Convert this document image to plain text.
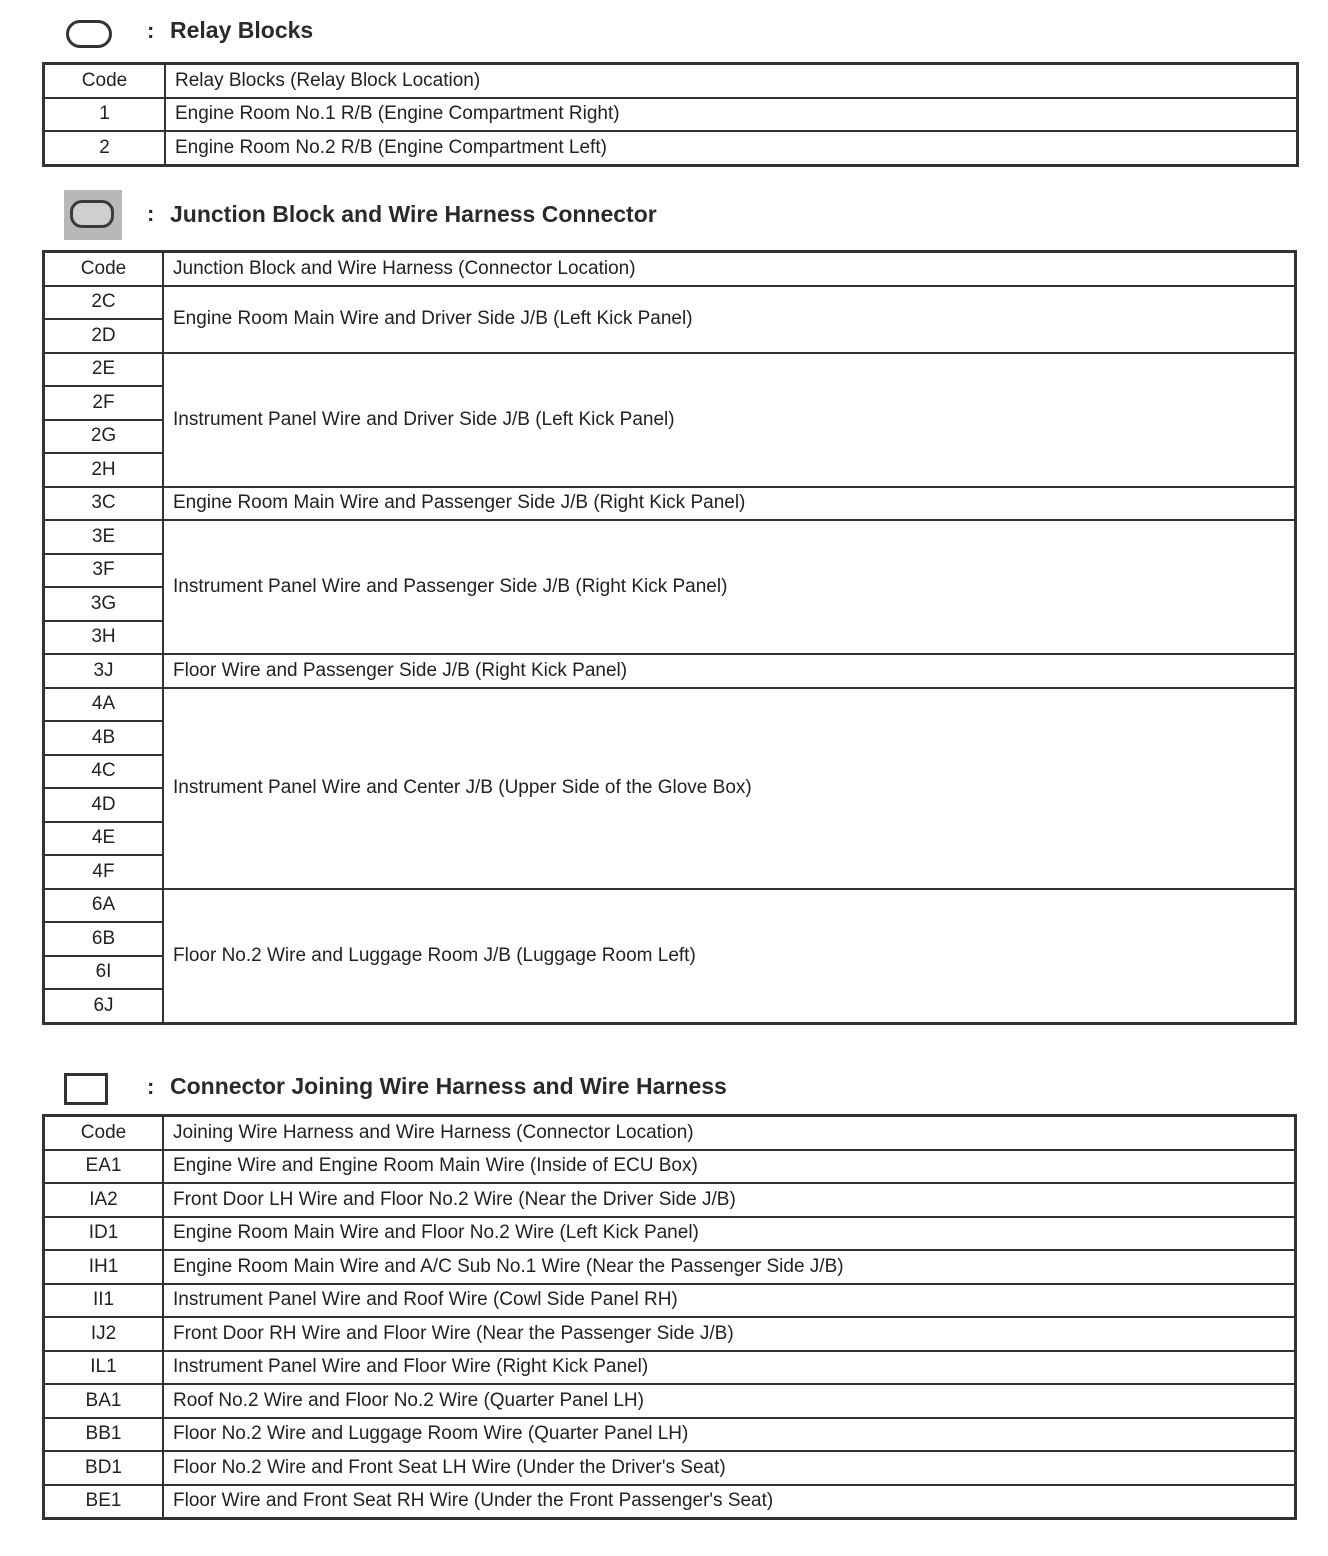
: Relay Blocks
Code	Relay Blocks (Relay Block Location)
1	Engine Room No.1 R/B (Engine Compartment Right)
2	Engine Room No.2 R/B (Engine Compartment Left)
: Junction Block and Wire Harness Connector
Code	Junction Block and Wire Harness (Connector Location)
2C	Engine Room Main Wire and Driver Side J/B (Left Kick Panel)
2D	
2E	Instrument Panel Wire and Driver Side J/B (Left Kick Panel)
2F	
2G	
2H	
3C	Engine Room Main Wire and Passenger Side J/B (Right Kick Panel)
3E	Instrument Panel Wire and Passenger Side J/B (Right Kick Panel)
3F	
3G	
3H	
3J	Floor Wire and Passenger Side J/B (Right Kick Panel)
4A	Instrument Panel Wire and Center J/B (Upper Side of the Glove Box)
4B	
4C	
4D	
4E	
4F	
6A	Floor No.2 Wire and Luggage Room J/B (Luggage Room Left)
6B	
6I	
6J	
: Connector Joining Wire Harness and Wire Harness
Code	Joining Wire Harness and Wire Harness (Connector Location)
EA1	Engine Wire and Engine Room Main Wire (Inside of ECU Box)
IA2	Front Door LH Wire and Floor No.2 Wire (Near the Driver Side J/B)
ID1	Engine Room Main Wire and Floor No.2 Wire (Left Kick Panel)
IH1	Engine Room Main Wire and A/C Sub No.1 Wire (Near the Passenger Side J/B)
II1	Instrument Panel Wire and Roof Wire (Cowl Side Panel RH)
IJ2	Front Door RH Wire and Floor Wire (Near the Passenger Side J/B)
IL1	Instrument Panel Wire and Floor Wire (Right Kick Panel)
BA1	Roof No.2 Wire and Floor No.2 Wire (Quarter Panel LH)
BB1	Floor No.2 Wire and Luggage Room Wire (Quarter Panel LH)
BD1	Floor No.2 Wire and Front Seat LH Wire (Under the Driver's Seat)
BE1	Floor Wire and Front Seat RH Wire (Under the Front Passenger's Seat)
